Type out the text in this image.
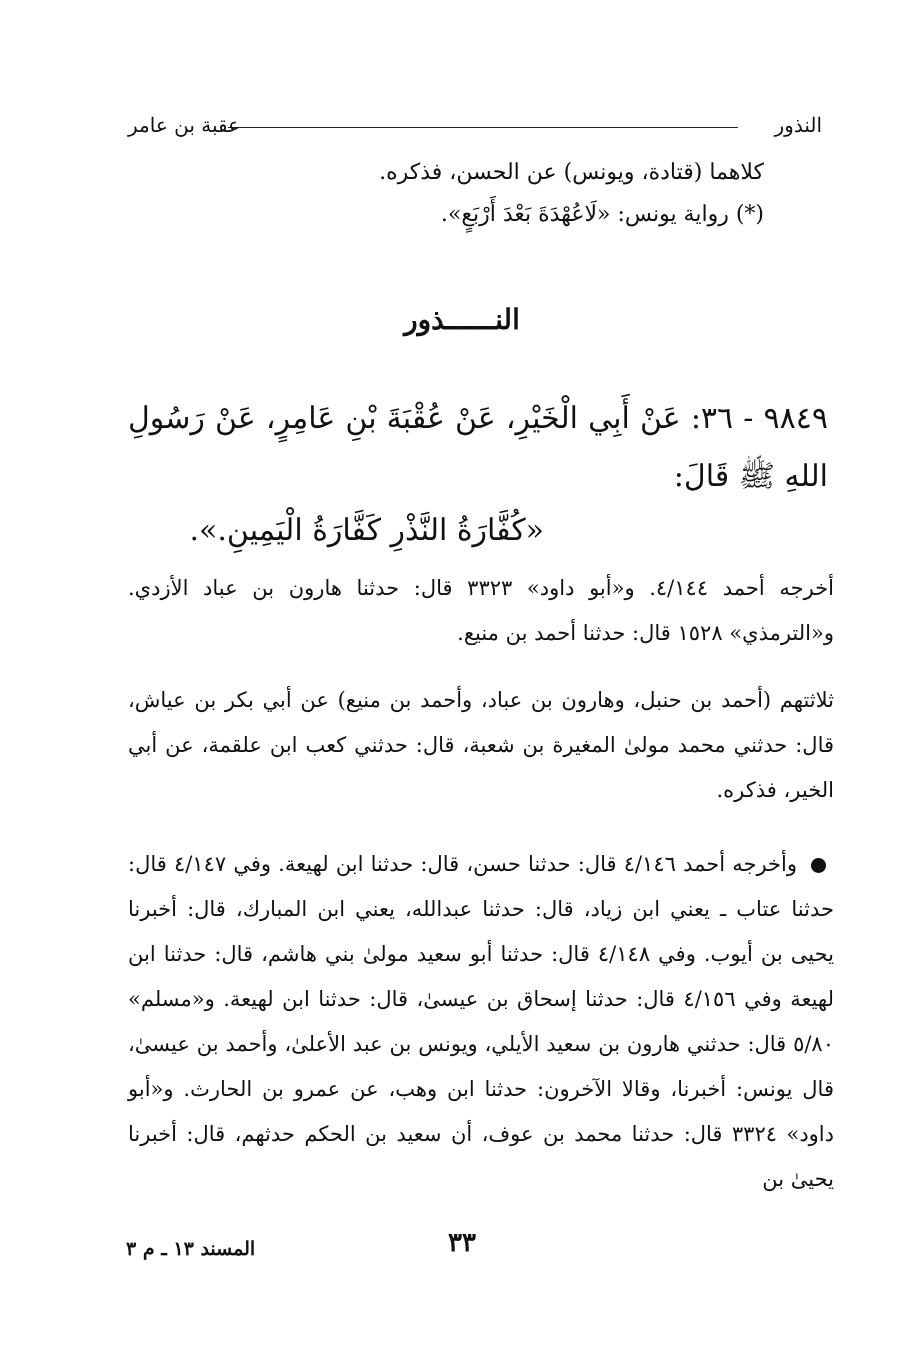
النذور
عقبة بن عامر
كلاهما (قتادة، ويونس) عن الحسن، فذكره.
(*) رواية يونس: «لَاعُهْدَةَ بَعْدَ أَرْبَعٍ».
النــــــذور
٩٨٤٩ - ٣٦: عَنْ أَبِي الْخَيْرِ، عَنْ عُقْبَةَ بْنِ عَامِرٍ، عَنْ رَسُولِ اللهِ ﷺ قَالَ:
«كُفَّارَةُ النَّذْرِ كَفَّارَةُ الْيَمِينِ.».
أخرجه أحمد ٤/١٤٤. و«أبو داود» ٣٣٢٣ قال: حدثنا هارون بن عباد الأزدي. و«الترمذي» ١٥٢٨ قال: حدثنا أحمد بن منيع.
ثلاثتهم (أحمد بن حنبل، وهارون بن عباد، وأحمد بن منيع) عن أبي بكر بن عياش، قال: حدثني محمد مولىٰ المغيرة بن شعبة، قال: حدثني كعب ابن علقمة، عن أبي الخير، فذكره.
وأخرجه أحمد ٤/١٤٦ قال: حدثنا حسن، قال: حدثنا ابن لهيعة. وفي ٤/١٤٧ قال: حدثنا عتاب ـ يعني ابن زياد، قال: حدثنا عبدالله، يعني ابن المبارك، قال: أخبرنا يحيى بن أيوب. وفي ٤/١٤٨ قال: حدثنا أبو سعيد مولىٰ بني هاشم، قال: حدثنا ابن لهيعة وفي ٤/١٥٦ قال: حدثنا إسحاق بن عيسىٰ، قال: حدثنا ابن لهيعة. و«مسلم» ٥/٨٠ قال: حدثني هارون بن سعيد الأيلي، ويونس بن عبد الأعلىٰ، وأحمد بن عيسىٰ، قال يونس: أخبرنا، وقالا الآخرون: حدثنا ابن وهب، عن عمرو بن الحارث. و«أبو داود» ٣٣٢٤ قال: حدثنا محمد بن عوف، أن سعيد بن الحكم حدثهم، قال: أخبرنا يحيىٰ بن
٣٣
المسند ١٣ ـ م ٣
